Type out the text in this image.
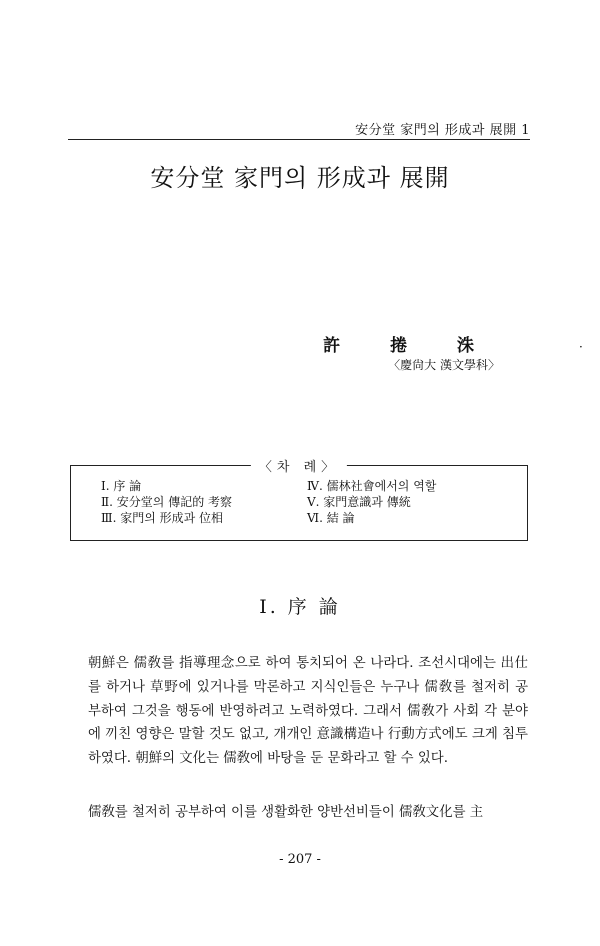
安分堂 家門의 形成과 展開 1
安分堂 家門의 形成과 展開
許 捲 洙	·
〈慶尙大 漢文學科〉
〈차 례〉
Ⅰ. 序 論
Ⅱ. 安分堂의 傳記的 考察
Ⅲ. 家門의 形成과 位相
Ⅳ. 儒林社會에서의 역할
Ⅴ. 家門意識과 傳統
Ⅵ. 結 論
Ⅰ. 序 論

朝鮮은 儒敎를 指導理念으로 하여 통치되어 온 나라다. 조선시대에는 出仕를 하거나 草野에 있거나를 막론하고 지식인들은 누구나 儒敎를 철저히 공부하여 그것을 행동에 반영하려고 노력하였다. 그래서 儒敎가 사회 각 분야에 끼친 영향은 말할 것도 없고, 개개인 意識構造나 行動方式에도 크게 침투하였다. 朝鮮의 文化는 儒敎에 바탕을 둔 문화라고 할 수 있다.

儒敎를 철저히 공부하여 이를 생활화한 양반선비들이 儒敎文化를 主

- 207 -
